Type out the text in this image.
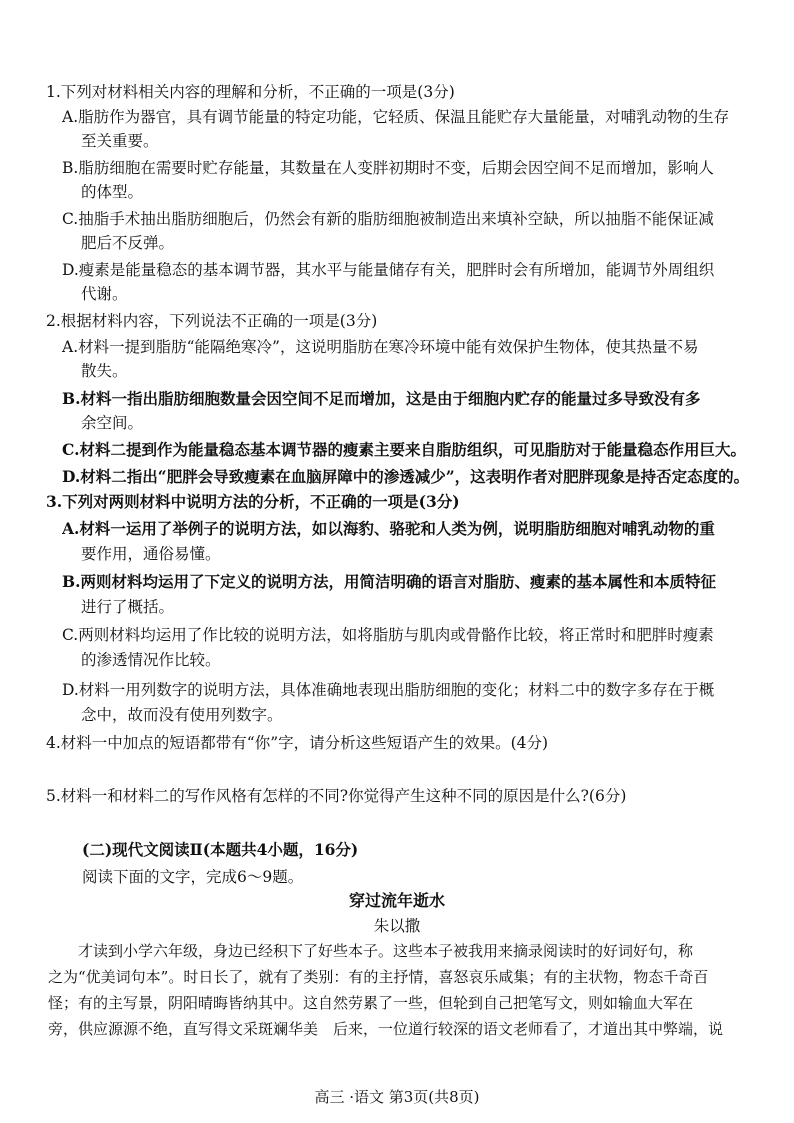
1.下列对材料相关内容的理解和分析，不正确的一项是(3分)
A.脂肪作为器官，具有调节能量的特定功能，它轻质、保温且能贮存大量能量，对哺乳动物的生存
至关重要。
B.脂肪细胞在需要时贮存能量，其数量在人变胖初期时不变，后期会因空间不足而增加，影响人
的体型。
C.抽脂手术抽出脂肪细胞后，仍然会有新的脂肪细胞被制造出来填补空缺，所以抽脂不能保证减
肥后不反弹。
D.瘦素是能量稳态的基本调节器，其水平与能量储存有关，肥胖时会有所增加，能调节外周组织
代谢。
2.根据材料内容，下列说法不正确的一项是(3分)
A.材料一提到脂肪“能隔绝寒冷”，这说明脂肪在寒冷环境中能有效保护生物体，使其热量不易
散失。
B.材料一指出脂肪细胞数量会因空间不足而增加，这是由于细胞内贮存的能量过多导致没有多
余空间。
C.材料二提到作为能量稳态基本调节器的瘦素主要来自脂肪组织，可见脂肪对于能量稳态作用巨大。
D.材料二指出“肥胖会导致瘦素在血脑屏障中的渗透减少”，这表明作者对肥胖现象是持否定态度的。
3.下列对两则材料中说明方法的分析，不正确的一项是(3分)
A.材料一运用了举例子的说明方法，如以海豹、骆驼和人类为例，说明脂肪细胞对哺乳动物的重
要作用，通俗易懂。
B.两则材料均运用了下定义的说明方法，用简洁明确的语言对脂肪、瘦素的基本属性和本质特征
进行了概括。
C.两则材料均运用了作比较的说明方法，如将脂肪与肌肉或骨骼作比较，将正常时和肥胖时瘦素
的渗透情况作比较。
D.材料一用列数字的说明方法，具体准确地表现出脂肪细胞的变化；材料二中的数字多存在于概
念中，故而没有使用列数字。
4.材料一中加点的短语都带有“你”字，请分析这些短语产生的效果。(4分)
5.材料一和材料二的写作风格有怎样的不同?你觉得产生这种不同的原因是什么?(6分)
(二)现代文阅读Ⅱ(本题共4小题，16分)
阅读下面的文字，完成6～9题。
穿过流年逝水
朱以撒

　　才读到小学六年级，身边已经积下了好些本子。这些本子被我用来摘录阅读时的好词好句，称

之为“优美词句本”。时日长了，就有了类别：有的主抒情，喜怒哀乐咸集；有的主状物，物态千奇百

怪；有的主写景，阴阳晴晦皆纳其中。这自然劳累了一些，但轮到自己把笔写文，则如输血大军在

旁，供应源源不绝，直写得文采斑斓华美　后来，一位道行较深的语文老师看了，才道出其中弊端，说

高三 ·语文 第3页(共8页)
